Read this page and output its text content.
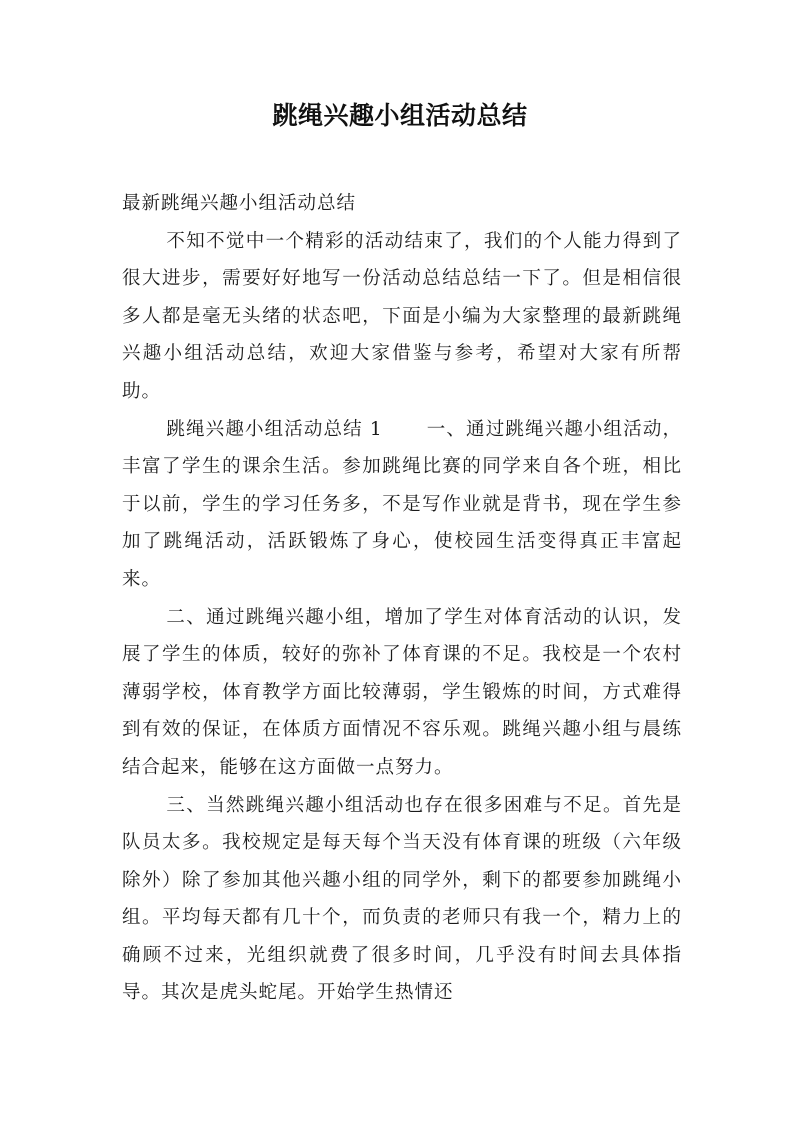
跳绳兴趣小组活动总结

最新跳绳兴趣小组活动总结

不知不觉中一个精彩的活动结束了，我们的个人能力得到了很大进步，需要好好地写一份活动总结总结一下了。但是相信很多人都是毫无头绪的状态吧，下面是小编为大家整理的最新跳绳兴趣小组活动总结，欢迎大家借鉴与参考，希望对大家有所帮助。

跳绳兴趣小组活动总结 1 一、通过跳绳兴趣小组活动，丰富了学生的课余生活。参加跳绳比赛的同学来自各个班，相比于以前，学生的学习任务多，不是写作业就是背书，现在学生参加了跳绳活动，活跃锻炼了身心，使校园生活变得真正丰富起来。

二、通过跳绳兴趣小组，增加了学生对体育活动的认识，发展了学生的体质，较好的弥补了体育课的不足。我校是一个农村薄弱学校，体育教学方面比较薄弱，学生锻炼的时间，方式难得到有效的保证，在体质方面情况不容乐观。跳绳兴趣小组与晨练结合起来，能够在这方面做一点努力。

三、当然跳绳兴趣小组活动也存在很多困难与不足。首先是队员太多。我校规定是每天每个当天没有体育课的班级（六年级除外）除了参加其他兴趣小组的同学外，剩下的都要参加跳绳小组。平均每天都有几十个，而负责的老师只有我一个，精力上的确顾不过来，光组织就费了很多时间，几乎没有时间去具体指导。其次是虎头蛇尾。开始学生热情还
